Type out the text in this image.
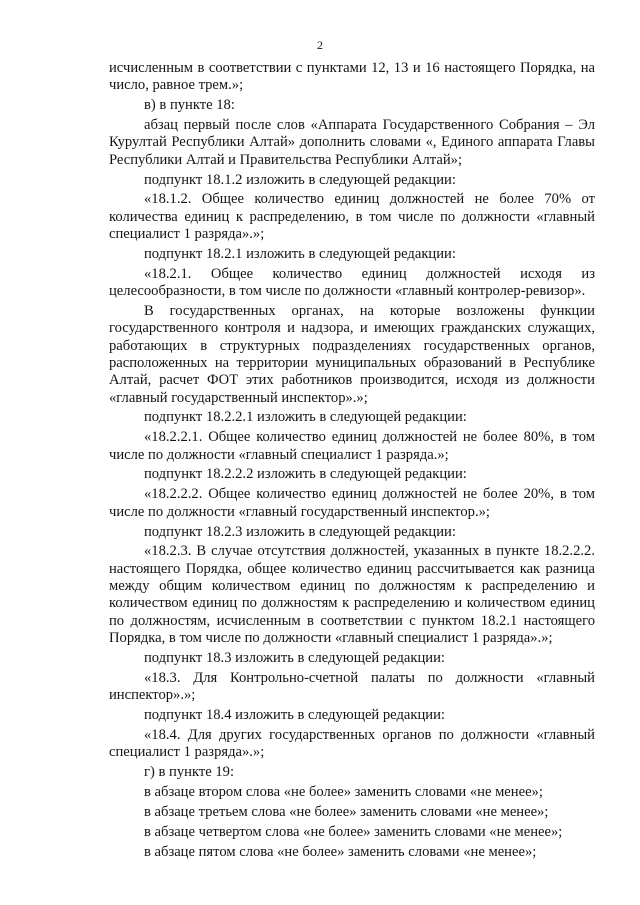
2

исчисленным в соответствии с пунктами 12, 13 и 16 настоящего Порядка, на число, равное трем.»;

в) в пункте 18:

абзац первый после слов «Аппарата Государственного Собрания – Эл Курултай Республики Алтай» дополнить словами «, Единого аппарата Главы Республики Алтай и Правительства Республики Алтай»;

подпункт 18.1.2 изложить в следующей редакции:

«18.1.2. Общее количество единиц должностей не более 70% от количества единиц к распределению, в том числе по должности «главный специалист 1 разряда».»;

подпункт 18.2.1 изложить в следующей редакции:

«18.2.1. Общее количество единиц должностей исходя из целесообразности, в том числе по должности «главный контролер-ревизор».

В государственных органах, на которые возложены функции государственного контроля и надзора, и имеющих гражданских служащих, работающих в структурных подразделениях государственных органов, расположенных на территории муниципальных образований в Республике Алтай, расчет ФОТ этих работников производится, исходя из должности «главный государственный инспектор».»;

подпункт 18.2.2.1 изложить в следующей редакции:

«18.2.2.1. Общее количество единиц должностей не более 80%, в том числе по должности «главный специалист 1 разряда.»;

подпункт 18.2.2.2 изложить в следующей редакции:

«18.2.2.2. Общее количество единиц должностей не более 20%, в том числе по должности «главный государственный инспектор.»;

подпункт 18.2.3 изложить в следующей редакции:

«18.2.3. В случае отсутствия должностей, указанных в пункте 18.2.2.2. настоящего Порядка, общее количество единиц рассчитывается как разница между общим количеством единиц по должностям к распределению и количеством единиц по должностям к распределению и количеством единиц по должностям, исчисленным в соответствии с пунктом 18.2.1 настоящего Порядка, в том числе по должности «главный специалист 1 разряда».»;

подпункт 18.3 изложить в следующей редакции:

«18.3. Для Контрольно-счетной палаты по должности «главный инспектор».»;

подпункт 18.4 изложить в следующей редакции:

«18.4. Для других государственных органов по должности «главный специалист 1 разряда».»;

г) в пункте 19:

в абзаце втором слова «не более» заменить словами «не менее»;

в абзаце третьем слова «не более» заменить словами «не менее»;

в абзаце четвертом слова «не более» заменить словами «не менее»;

в абзаце пятом слова «не более» заменить словами «не менее»;
